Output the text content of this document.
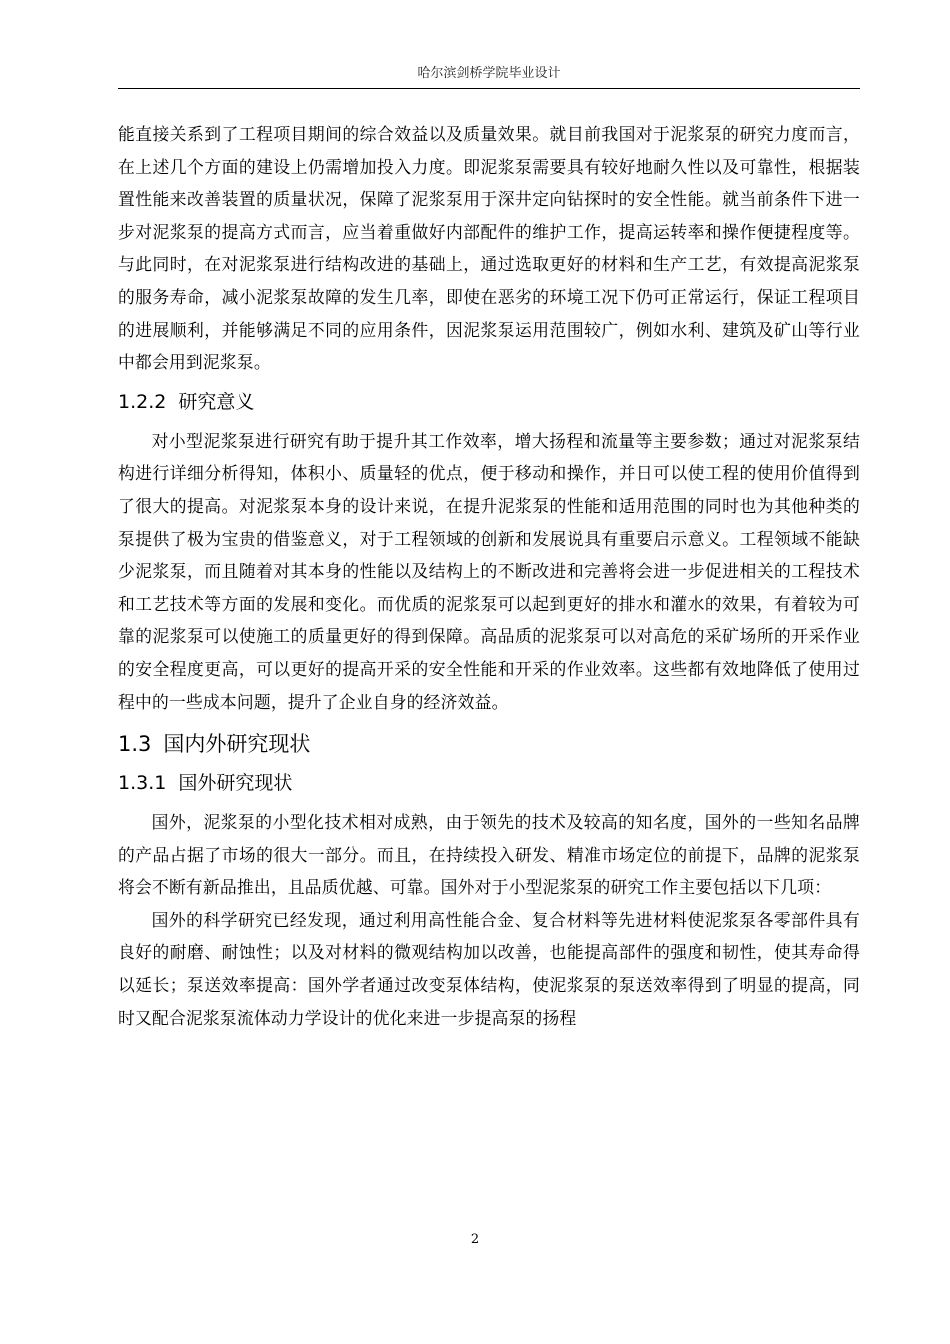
哈尔滨剑桥学院毕业设计

能直接关系到了工程项目期间的综合效益以及质量效果。就目前我国对于泥浆泵的研究力度而言，在上述几个方面的建设上仍需增加投入力度。即泥浆泵需要具有较好地耐久性以及可靠性，根据装置性能来改善装置的质量状况，保障了泥浆泵用于深井定向钻探时的安全性能。就当前条件下进一步对泥浆泵的提高方式而言，应当着重做好内部配件的维护工作，提高运转率和操作便捷程度等。与此同时，在对泥浆泵进行结构改进的基础上，通过选取更好的材料和生产工艺，有效提高泥浆泵的服务寿命，减小泥浆泵故障的发生几率，即使在恶劣的环境工况下仍可正常运行，保证工程项目的进展顺利，并能够满足不同的应用条件，因泥浆泵运用范围较广，例如水利、建筑及矿山等行业中都会用到泥浆泵。

1.2.2 研究意义

对小型泥浆泵进行研究有助于提升其工作效率，增大扬程和流量等主要参数；通过对泥浆泵结构进行详细分析得知，体积小、质量轻的优点，便于移动和操作，并日可以使工程的使用价值得到了很大的提高。对泥浆泵本身的设计来说，在提升泥浆泵的性能和适用范围的同时也为其他种类的泵提供了极为宝贵的借鉴意义，对于工程领域的创新和发展说具有重要启示意义。工程领域不能缺少泥浆泵，而且随着对其本身的性能以及结构上的不断改进和完善将会进一步促进相关的工程技术和工艺技术等方面的发展和变化。而优质的泥浆泵可以起到更好的排水和灌水的效果，有着较为可靠的泥浆泵可以使施工的质量更好的得到保障。高品质的泥浆泵可以对高危的采矿场所的开采作业的安全程度更高，可以更好的提高开采的安全性能和开采的作业效率。这些都有效地降低了使用过程中的一些成本问题，提升了企业自身的经济效益。

1.3 国内外研究现状
1.3.1 国外研究现状

国外，泥浆泵的小型化技术相对成熟，由于领先的技术及较高的知名度，国外的一些知名品牌的产品占据了市场的很大一部分。而且，在持续投入研发、精准市场定位的前提下，品牌的泥浆泵将会不断有新品推出，且品质优越、可靠。国外对于小型泥浆泵的研究工作主要包括以下几项：

国外的科学研究已经发现，通过利用高性能合金、复合材料等先进材料使泥浆泵各零部件具有良好的耐磨、耐蚀性；以及对材料的微观结构加以改善，也能提高部件的强度和韧性，使其寿命得以延长；泵送效率提高：国外学者通过改变泵体结构，使泥浆泵的泵送效率得到了明显的提高，同时又配合泥浆泵流体动力学设计的优化来进一步提高泵的扬程

2
